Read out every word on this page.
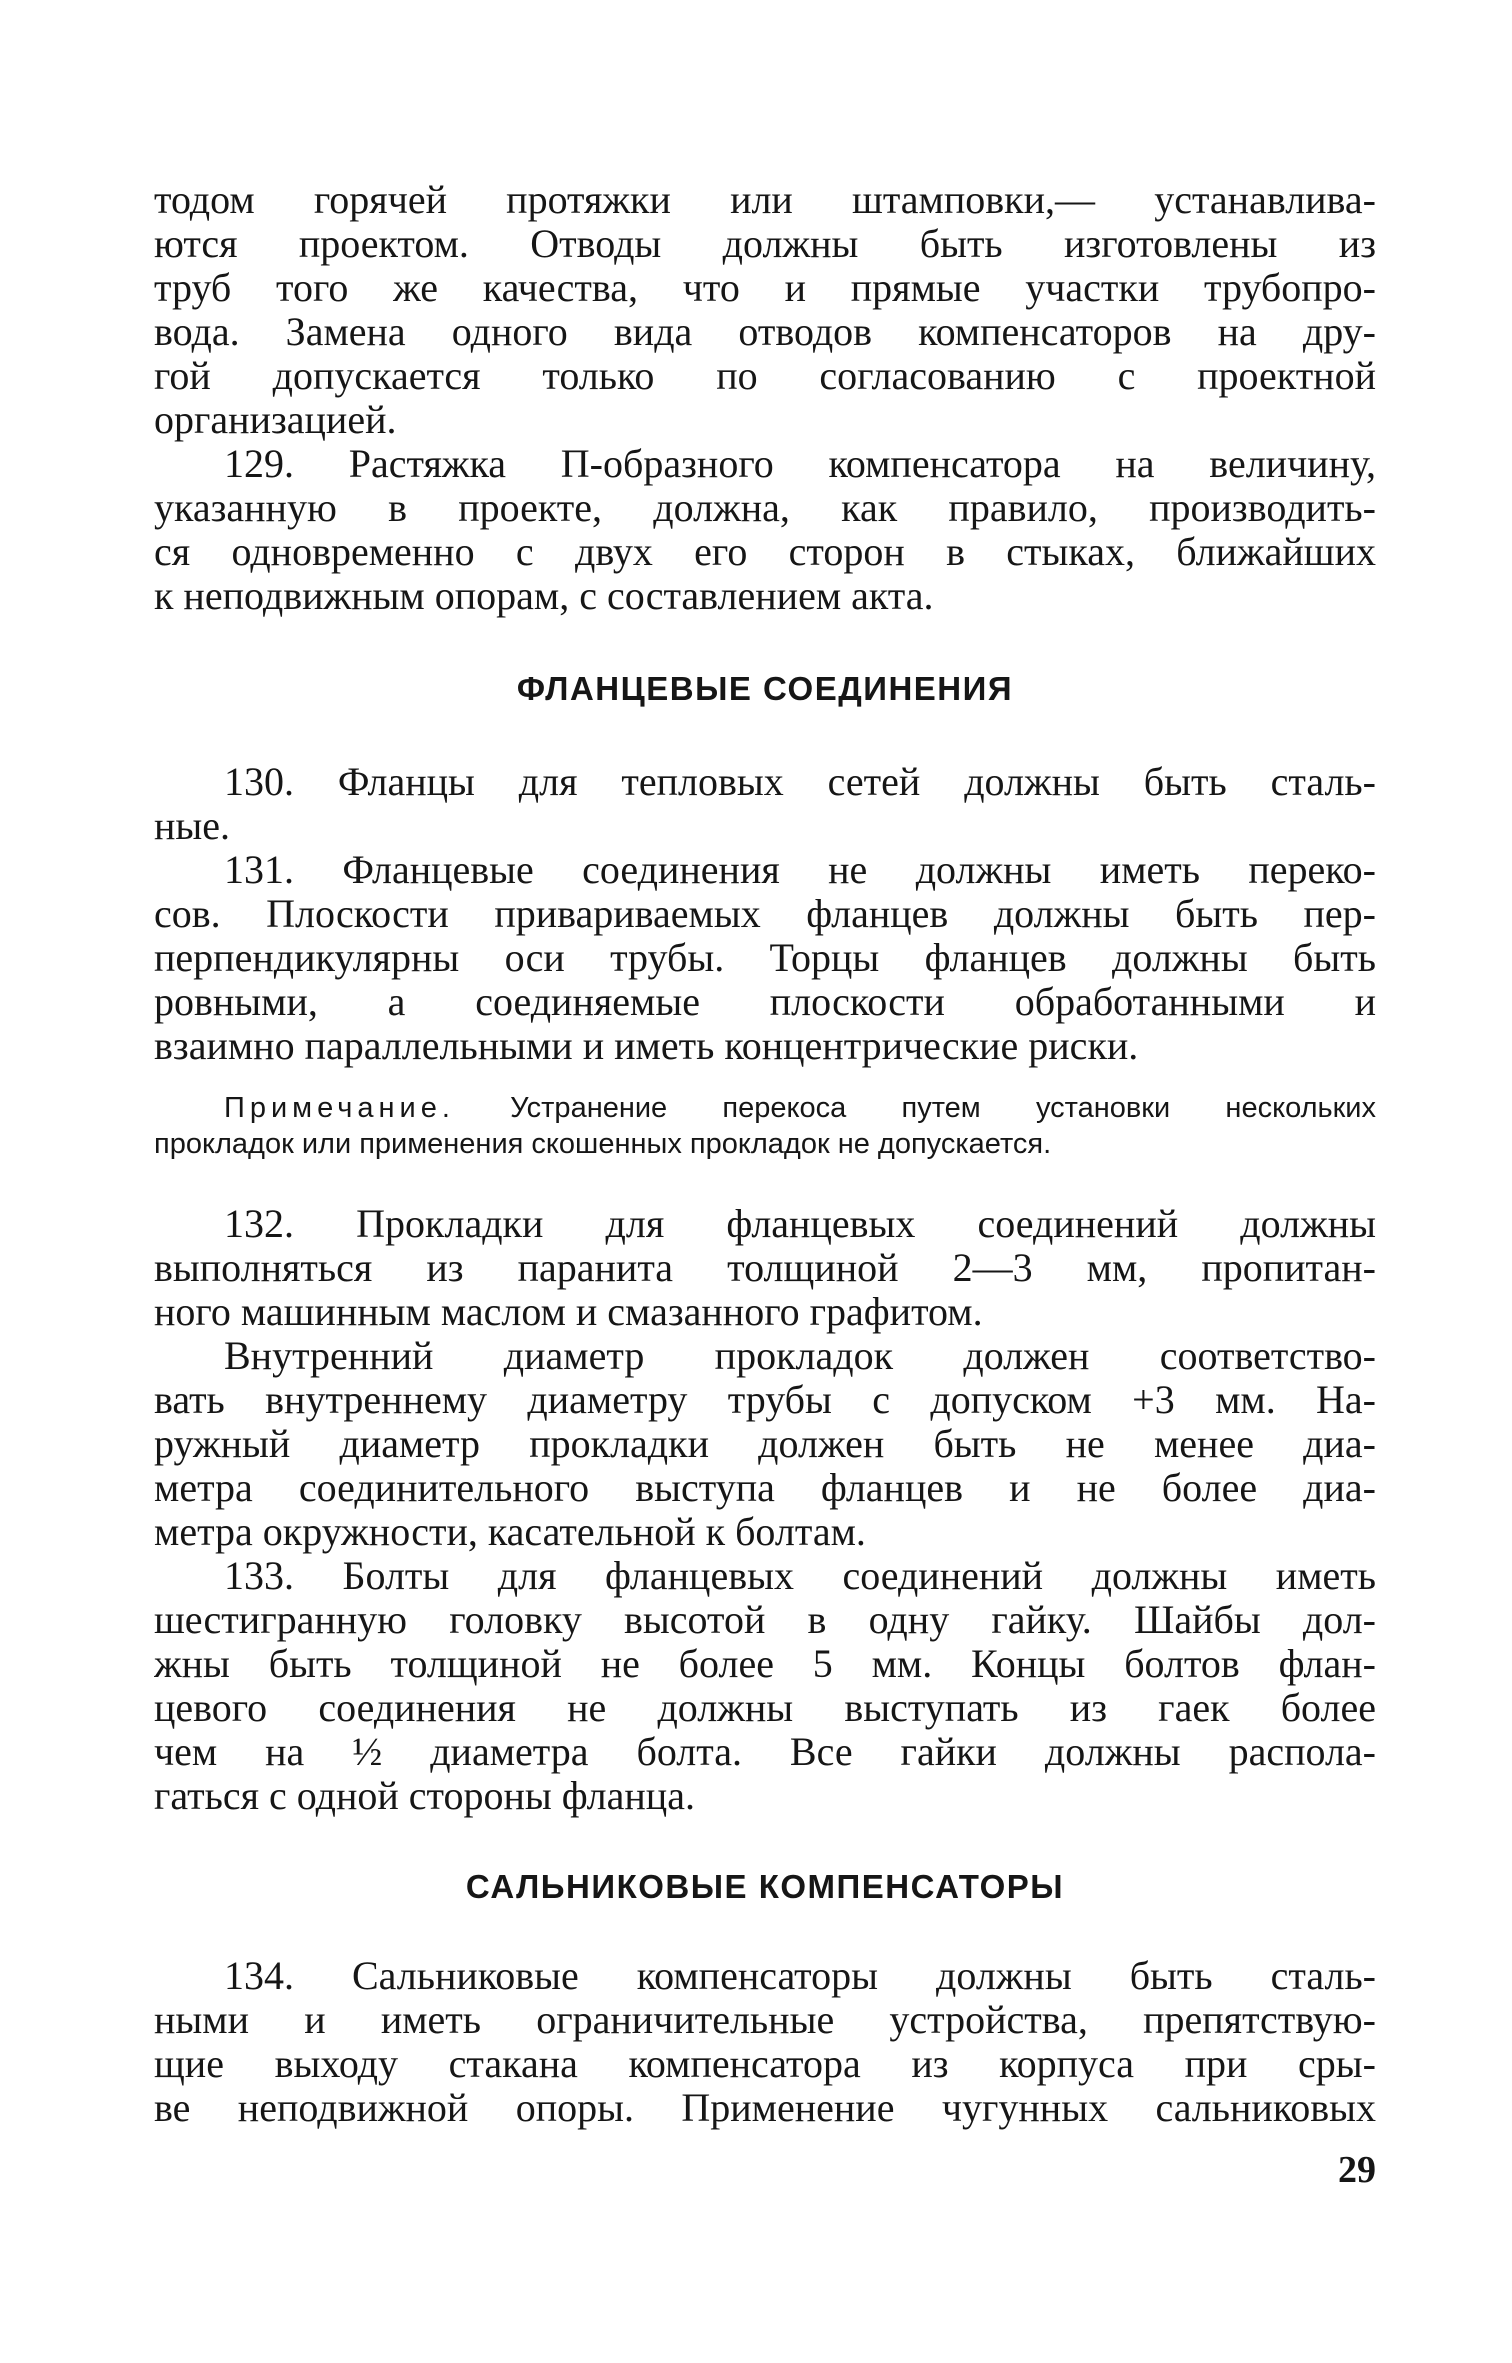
тодом горячей протяжки или штамповки,— устанавлива-
ются проектом. Отводы должны быть изготовлены из
труб того же качества, что и прямые участки трубопро-
вода. Замена одного вида отводов компенсаторов на дру-
гой допускается только по согласованию с проектной
организацией.
129. Растяжка П-образного компенсатора на величину,
указанную в проекте, должна, как правило, производить-
ся одновременно с двух его сторон в стыках, ближайших
к неподвижным опорам, с составлением акта.
ФЛАНЦЕВЫЕ СОЕДИНЕНИЯ
130. Фланцы для тепловых сетей должны быть сталь-
ные.
131. Фланцевые соединения не должны иметь переко-
сов. Плоскости привариваемых фланцев должны быть пер-
перпендикулярны оси трубы. Торцы фланцев должны быть
ровными, а соединяемые плоскости обработанными и
взаимно параллельными и иметь концентрические риски.
Примечание. Устранение перекоса путем установки нескольких
прокладок или применения скошенных прокладок не допускается.
132. Прокладки для фланцевых соединений должны
выполняться из паранита толщиной 2—3 мм, пропитан-
ного машинным маслом и смазанного графитом.
Внутренний диаметр прокладок должен соответство-
вать внутреннему диаметру трубы с допуском +3 мм. На-
ружный диаметр прокладки должен быть не менее диа-
метра соединительного выступа фланцев и не более диа-
метра окружности, касательной к болтам.
133. Болты для фланцевых соединений должны иметь
шестигранную головку высотой в одну гайку. Шайбы дол-
жны быть толщиной не более 5 мм. Концы болтов флан-
цевого соединения не должны выступать из гаек более
чем на ½ диаметра болта. Все гайки должны распола-
гаться с одной стороны фланца.
САЛЬНИКОВЫЕ КОМПЕНСАТОРЫ
134. Сальниковые компенсаторы должны быть сталь-
ными и иметь ограничительные устройства, препятствую-
щие выходу стакана компенсатора из корпуса при сры-
ве неподвижной опоры. Применение чугунных сальниковых
29
